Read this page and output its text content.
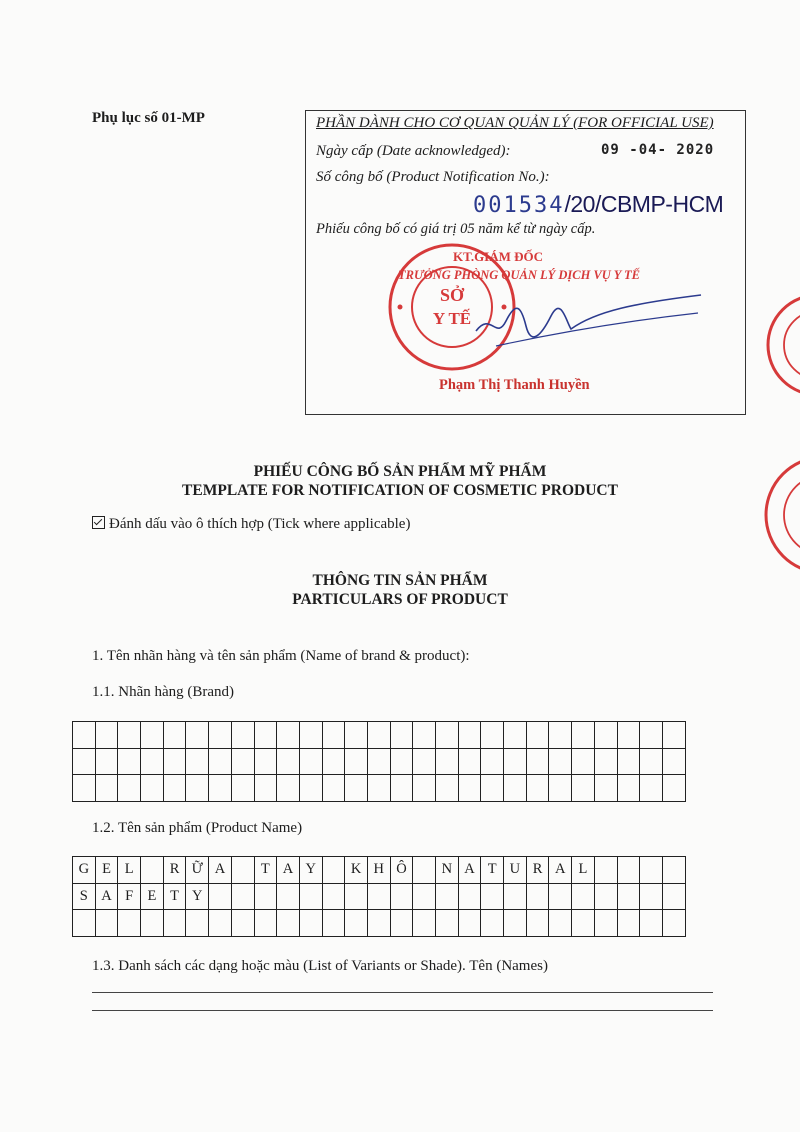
Phụ lục số 01-MP	PHẦN DÀNH CHO CƠ QUAN QUẢN LÝ (FOR OFFICIAL USE)
Ngày cấp (Date acknowledged):	09 -04- 2020
Số công bố (Product Notification No.):
001534/20/CBMP-HCM
Phiếu công bố có giá trị 05 năm kể từ ngày cấp.
SỞ
Y TẾ
KT.GIÁM ĐỐC
TRƯỞNG PHÒNG QUẢN LÝ DỊCH VỤ Y TẾ
Phạm Thị Thanh Huyền
PHIẾU CÔNG BỐ SẢN PHẨM MỸ PHẨM
TEMPLATE FOR NOTIFICATION OF COSMETIC PRODUCT
Đánh dấu vào ô thích hợp (Tick where applicable)
THÔNG TIN SẢN PHẨM
PARTICULARS OF PRODUCT
1. Tên nhãn hàng và tên sản phẩm (Name of brand & product):
1.1. Nhãn hàng (Brand)

1.2. Tên sản phẩm (Product Name)
G	E	L		R	Ữ	A		T	A	Y		K	H	Ô		N	A	T	U	R	A	L				
S	A	F	E	T	Y																					

1.3. Danh sách các dạng hoặc màu (List of Variants or Shade). Tên (Names)
